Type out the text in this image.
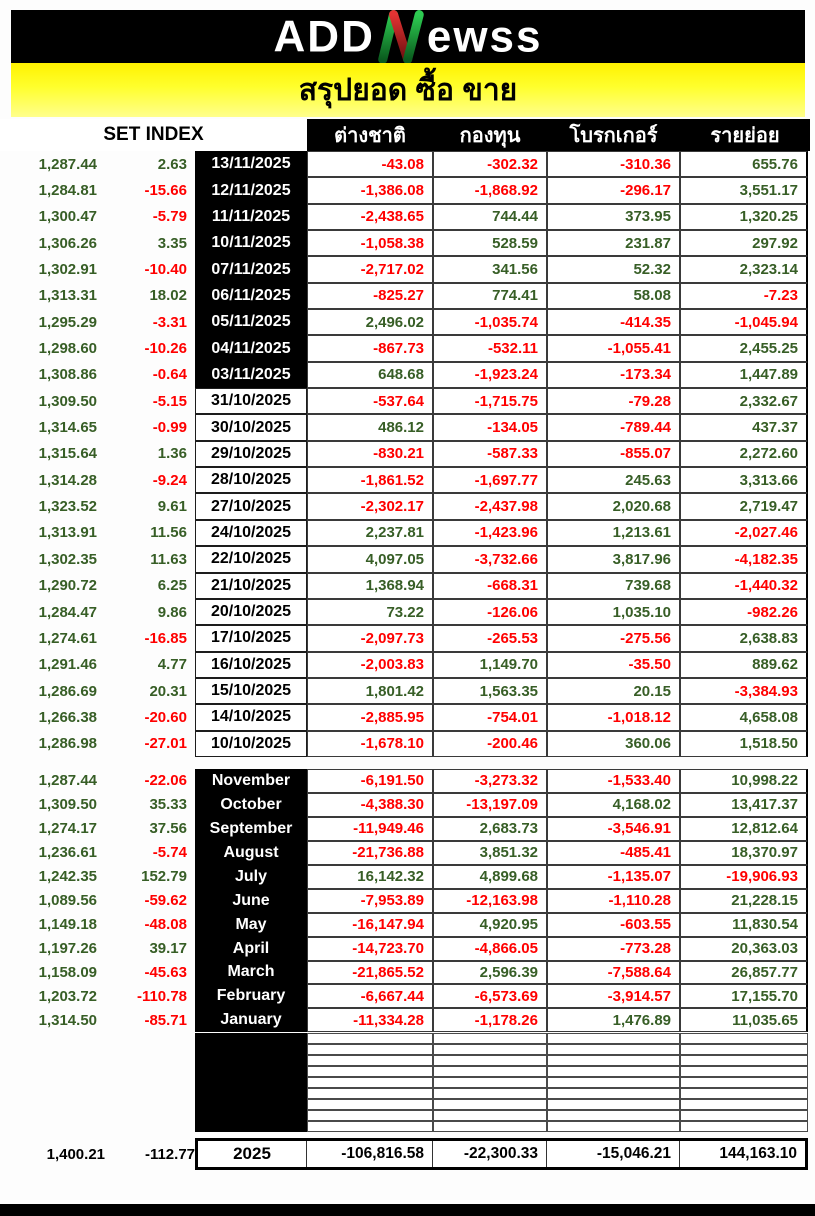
ADD ewss
สรุปยอด ซื้อ ขาย
SET INDEX	ต่างชาติ	กองทุน	โบรกเกอร์	รายย่อย
1,287.44	2.63	13/11/2025	-43.08	-302.32	-310.36	655.76
1,284.81	-15.66	12/11/2025	-1,386.08	-1,868.92	-296.17	3,551.17
1,300.47	-5.79	11/11/2025	-2,438.65	744.44	373.95	1,320.25
1,306.26	3.35	10/11/2025	-1,058.38	528.59	231.87	297.92
1,302.91	-10.40	07/11/2025	-2,717.02	341.56	52.32	2,323.14
1,313.31	18.02	06/11/2025	-825.27	774.41	58.08	-7.23
1,295.29	-3.31	05/11/2025	2,496.02	-1,035.74	-414.35	-1,045.94
1,298.60	-10.26	04/11/2025	-867.73	-532.11	-1,055.41	2,455.25
1,308.86	-0.64	03/11/2025	648.68	-1,923.24	-173.34	1,447.89
1,309.50	-5.15	31/10/2025	-537.64	-1,715.75	-79.28	2,332.67
1,314.65	-0.99	30/10/2025	486.12	-134.05	-789.44	437.37
1,315.64	1.36	29/10/2025	-830.21	-587.33	-855.07	2,272.60
1,314.28	-9.24	28/10/2025	-1,861.52	-1,697.77	245.63	3,313.66
1,323.52	9.61	27/10/2025	-2,302.17	-2,437.98	2,020.68	2,719.47
1,313.91	11.56	24/10/2025	2,237.81	-1,423.96	1,213.61	-2,027.46
1,302.35	11.63	22/10/2025	4,097.05	-3,732.66	3,817.96	-4,182.35
1,290.72	6.25	21/10/2025	1,368.94	-668.31	739.68	-1,440.32
1,284.47	9.86	20/10/2025	73.22	-126.06	1,035.10	-982.26
1,274.61	-16.85	17/10/2025	-2,097.73	-265.53	-275.56	2,638.83
1,291.46	4.77	16/10/2025	-2,003.83	1,149.70	-35.50	889.62
1,286.69	20.31	15/10/2025	1,801.42	1,563.35	20.15	-3,384.93
1,266.38	-20.60	14/10/2025	-2,885.95	-754.01	-1,018.12	4,658.08
1,286.98	-27.01	10/10/2025	-1,678.10	-200.46	360.06	1,518.50
1,287.44	-22.06	November	-6,191.50	-3,273.32	-1,533.40	10,998.22
1,309.50	35.33	October	-4,388.30	-13,197.09	4,168.02	13,417.37
1,274.17	37.56	September	-11,949.46	2,683.73	-3,546.91	12,812.64
1,236.61	-5.74	August	-21,736.88	3,851.32	-485.41	18,370.97
1,242.35	152.79	July	16,142.32	4,899.68	-1,135.07	-19,906.93
1,089.56	-59.62	June	-7,953.89	-12,163.98	-1,110.28	21,228.15
1,149.18	-48.08	May	-16,147.94	4,920.95	-603.55	11,830.54
1,197.26	39.17	April	-14,723.70	-4,866.05	-773.28	20,363.03
1,158.09	-45.63	March	-21,865.52	2,596.39	-7,588.64	26,857.77
1,203.72	-110.78	February	-6,667.44	-6,573.69	-3,914.57	17,155.70
1,314.50	-85.71	January	-11,334.28	-1,178.26	1,476.89	11,035.65
1,400.21	-112.77	2025	-106,816.58	-22,300.33	-15,046.21	144,163.10
